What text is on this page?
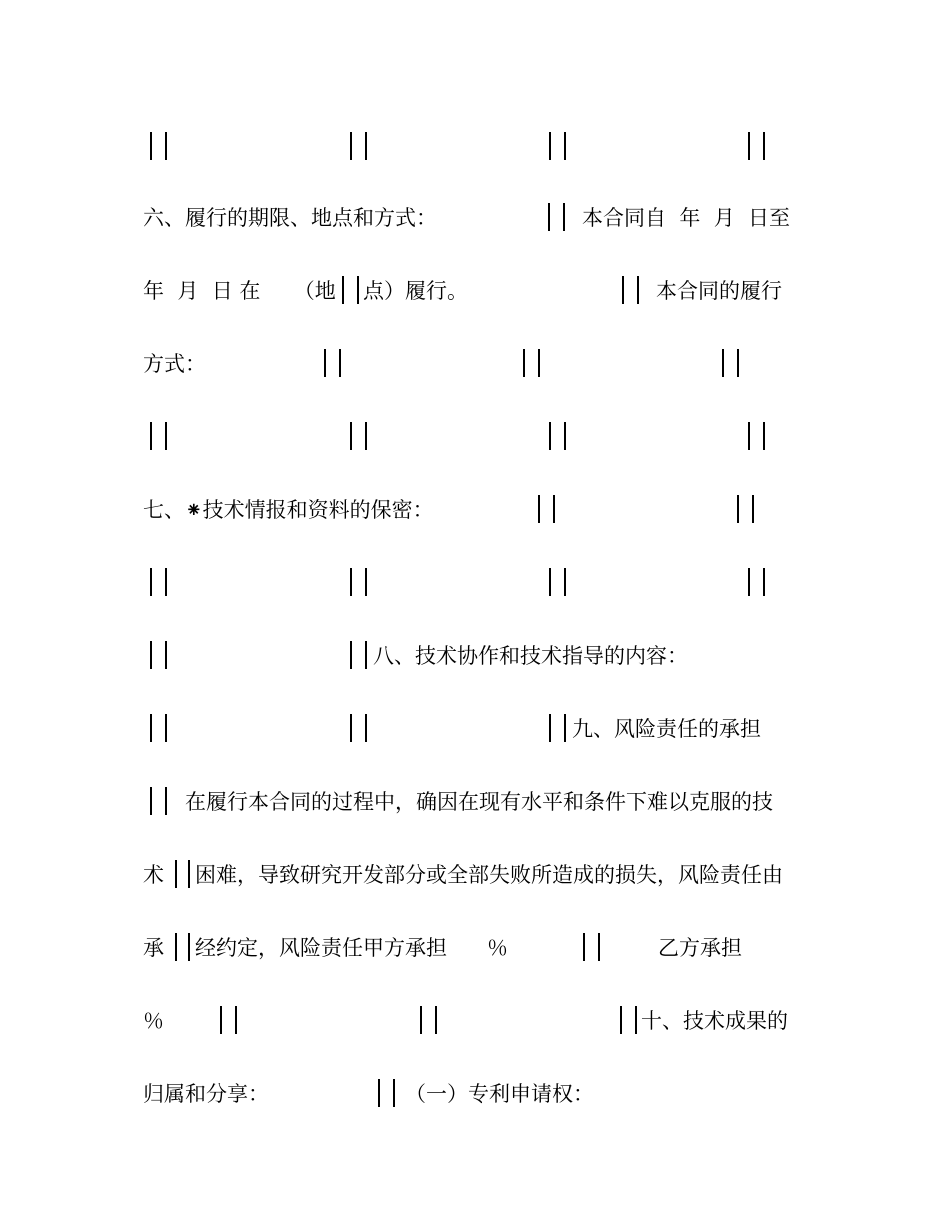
六、履行的期限、地点和方式：	本合同自  年  月  日至
年  月  日 在     （地 点）履行。	本合同的履行
方式：
七、⁕技术情报和资料的保密：
八、技术协作和技术指导的内容：
九、风险责任的承担
在履行本合同的过程中，确因在现有水平和条件下难以克服的技
术 困难，导致研究开发部分或全部失败所造成的损失，风险责任由
承 经约定，风险责任甲方承担      ％	乙方承担
％	十、技术成果的
归属和分享：	（一）专利申请权：
